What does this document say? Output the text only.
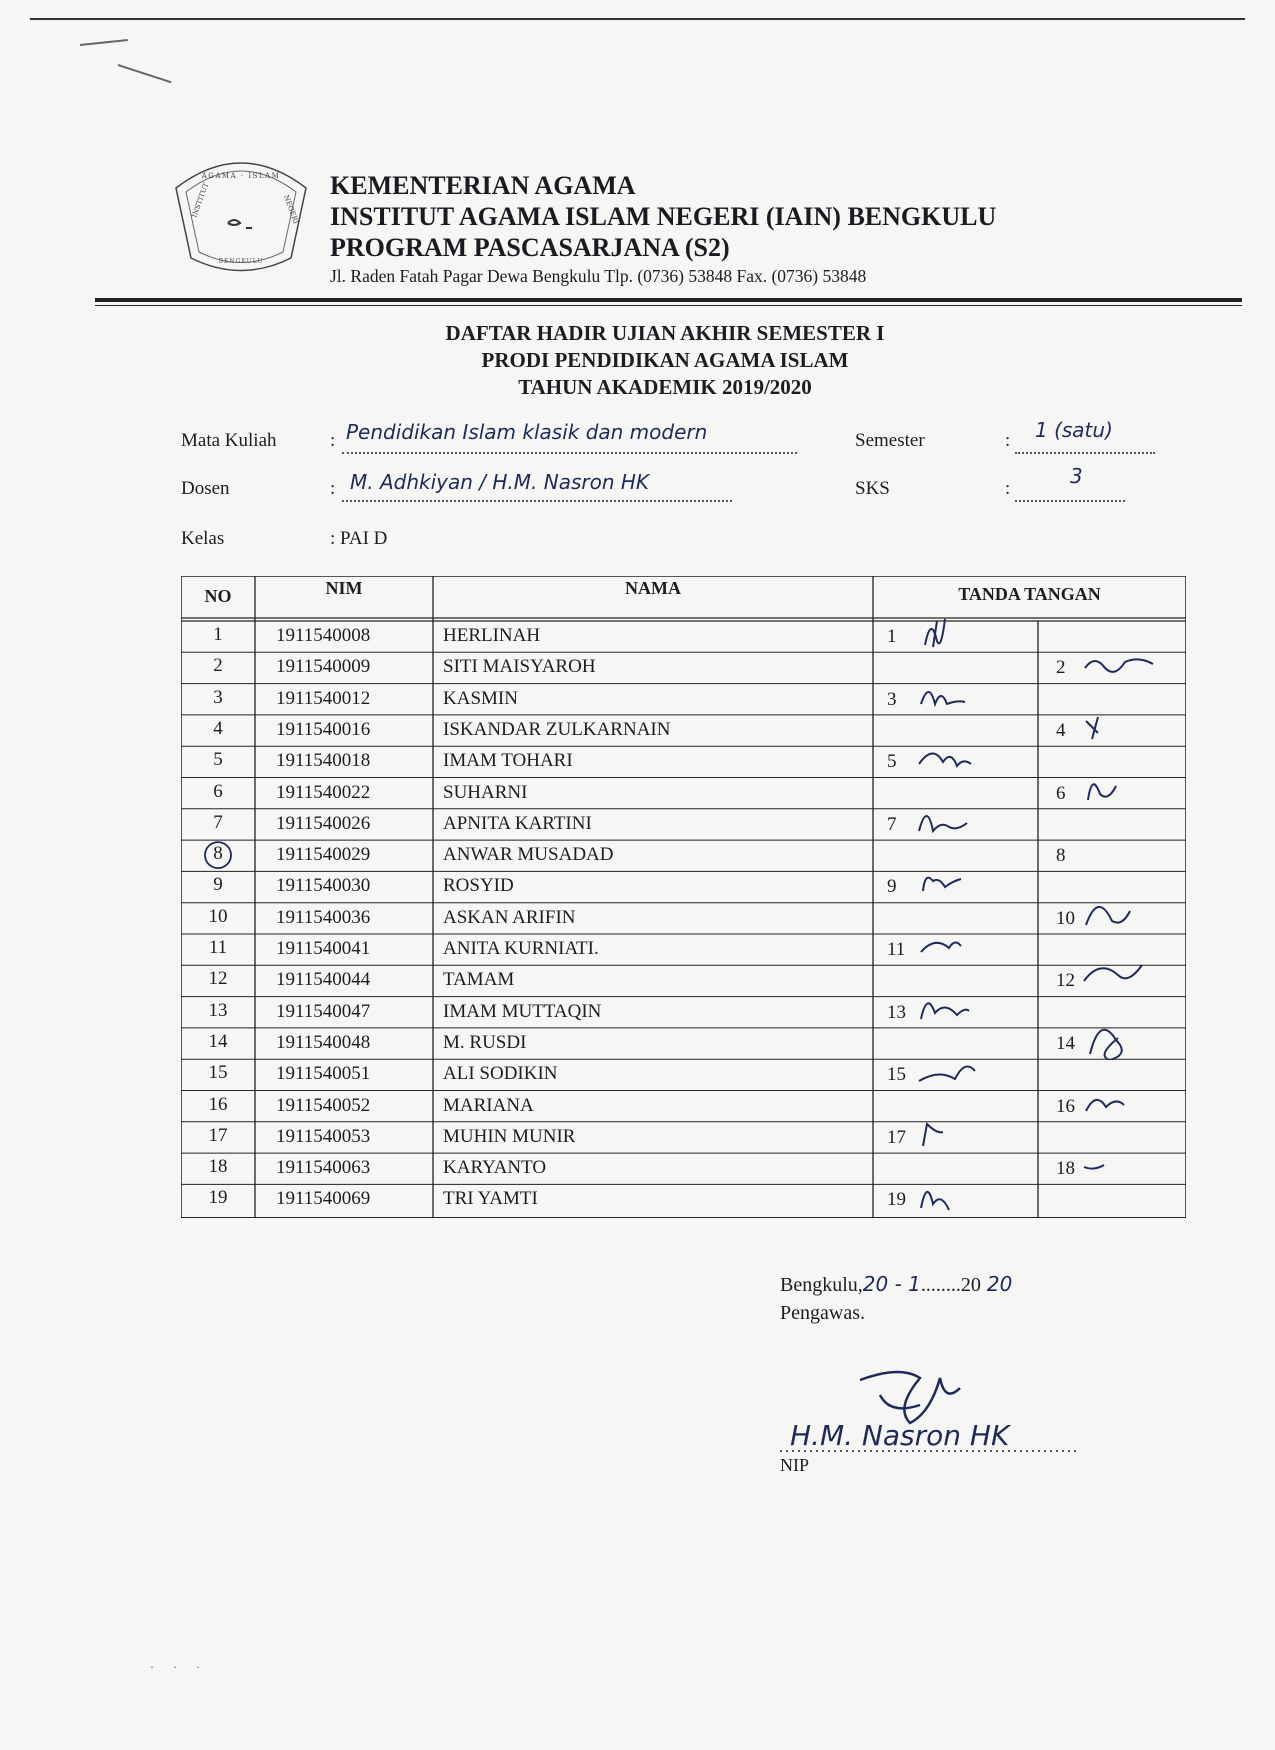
AGAMA · ISLAM
INSTITUT	NEGERI
BENGKULU
KEMENTERIAN AGAMA
INSTITUT AGAMA ISLAM NEGERI (IAIN) BENGKULU
PROGRAM PASCASARJANA (S2)
Jl. Raden Fatah Pagar Dewa Bengkulu Tlp. (0736) 53848 Fax. (0736) 53848
DAFTAR HADIR UJIAN AKHIR SEMESTER I
PRODI PENDIDIKAN AGAMA ISLAM
TAHUN AKADEMIK 2019/2020
Mata Kuliah	: Pendidikan Islam klasik dan modern	Semester	: 1 (satu)
Dosen	: M. Adhkiyan / H.M. Nasron HK	SKS	:
3
Kelas	: PAI D
NO	NIM	NAMA	TANDA TANGAN
1	1911540008	HERLINAH	1
2	1911540009	SITI MAISYAROH	2
3	1911540012	KASMIN	3
4	1911540016	ISKANDAR ZULKARNAIN	4
5	1911540018	IMAM TOHARI	5
6	1911540022	SUHARNI	6
7	1911540026	APNITA KARTINI	7
8	1911540029	ANWAR MUSADAD	8
9	1911540030	ROSYID	9
10	1911540036	ASKAN ARIFIN	10
11	1911540041	ANITA KURNIATI.	11
12	1911540044	TAMAM	12
13	1911540047	IMAM MUTTAQIN	13
14	1911540048	M. RUSDI	14
15	1911540051	ALI SODIKIN	15
16	1911540052	MARIANA	16
17	1911540053	MUHIN MUNIR	17
18	1911540063	KARYANTO	18
19	1911540069	TRI YAMTI	19
Bengkulu,20 - 1........20 20
Pengawas.
H.M. Nasron HK
NIP
· · ·
